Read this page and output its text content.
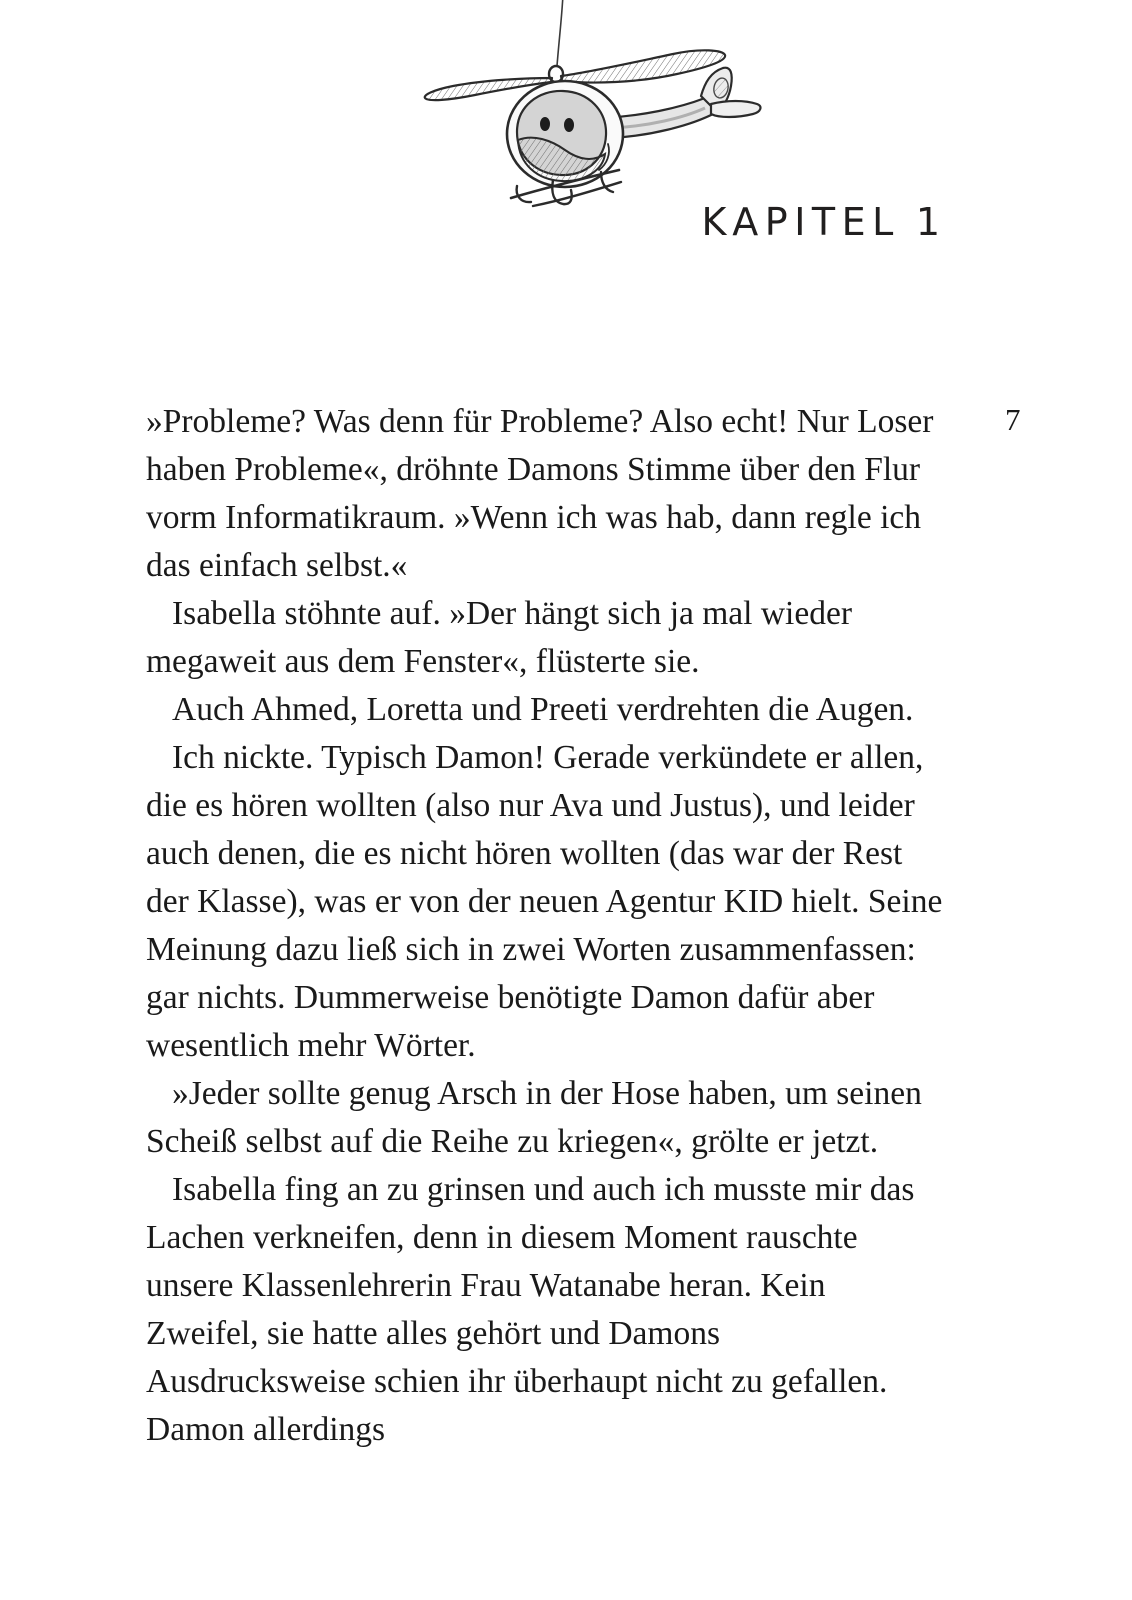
KAPITEL 1
7

»Probleme? Was denn für Probleme? Also echt! Nur Loser haben Probleme«, dröhnte Damons Stimme über den Flur vorm Informatikraum. »Wenn ich was hab, dann regle ich das einfach selbst.«

Isabella stöhnte auf. »Der hängt sich ja mal wieder megaweit aus dem Fenster«, flüsterte sie.

Auch Ahmed, Loretta und Preeti verdrehten die Augen.

Ich nickte. Typisch Damon! Gerade verkündete er allen, die es hören wollten (also nur Ava und Justus), und leider auch denen, die es nicht hören wollten (das war der Rest der Klasse), was er von der neuen Agentur KID hielt. Seine Meinung dazu ließ sich in zwei Worten zusammenfassen: gar nichts. Dummerweise benötigte Damon dafür aber wesentlich mehr Wörter.

»Jeder sollte genug Arsch in der Hose haben, um seinen Scheiß selbst auf die Reihe zu kriegen«, grölte er jetzt.

Isabella fing an zu grinsen und auch ich musste mir das Lachen verkneifen, denn in diesem Moment rauschte unsere Klassenlehrerin Frau Watanabe heran. Kein Zweifel, sie hatte alles gehört und Damons Ausdrucksweise schien ihr überhaupt nicht zu gefallen. Damon allerdings
